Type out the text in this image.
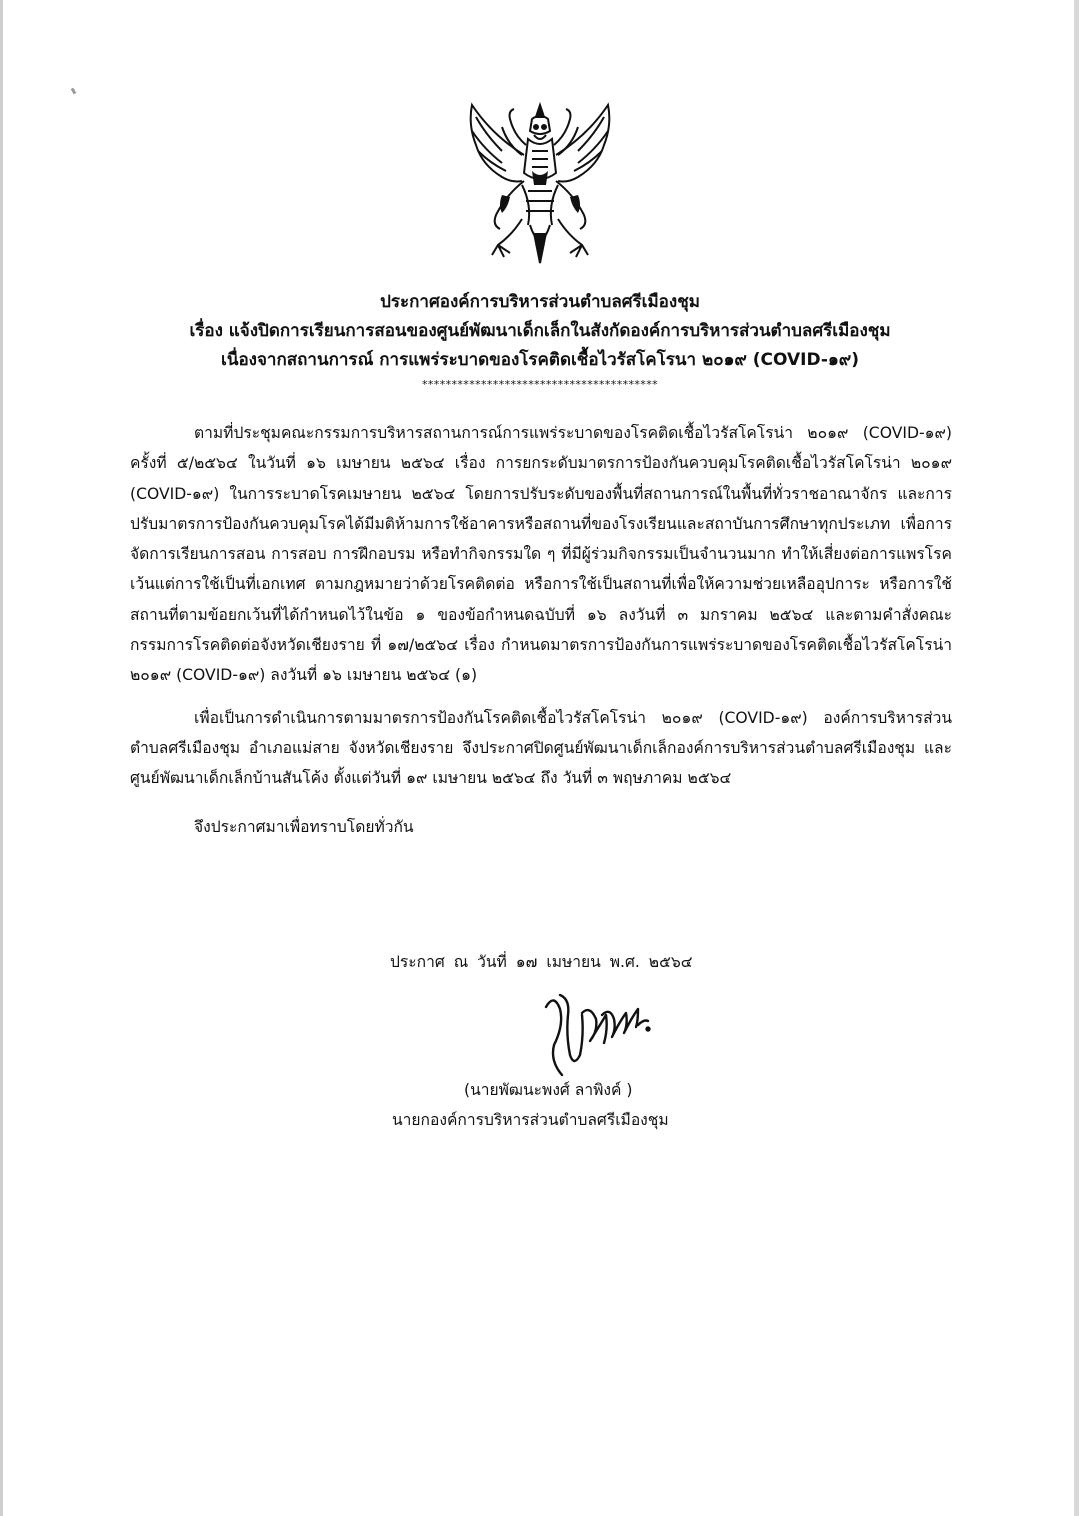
ประกาศองค์การบริหารส่วนตำบลศรีเมืองชุม
เรื่อง แจ้งปิดการเรียนการสอนของศูนย์พัฒนาเด็กเล็กในสังกัดองค์การบริหารส่วนตำบลศรีเมืองชุม
เนื่องจากสถานการณ์ การแพร่ระบาดของโรคติดเชื้อไวรัสโคโรนา ๒๐๑๙ (COVID-๑๙)
****************************************

ตามที่ประชุมคณะกรรมการบริหารสถานการณ์การแพร่ระบาดของโรคติดเชื้อไวรัสโคโรน่า ๒๐๑๙ (COVID-๑๙) ครั้งที่ ๕/๒๕๖๔ ในวันที่ ๑๖ เมษายน ๒๕๖๔ เรื่อง การยกระดับมาตรการป้องกันควบคุมโรคติดเชื้อไวรัสโคโรน่า ๒๐๑๙ (COVID-๑๙) ในการระบาดโรคเมษายน ๒๕๖๔ โดยการปรับระดับของพื้นที่สถานการณ์ในพื้นที่ทั่วราชอาณาจักร และการปรับมาตรการป้องกันควบคุมโรคได้มีมติห้ามการใช้อาคารหรือสถานที่ของโรงเรียนและสถาบันการศึกษาทุกประเภท เพื่อการจัดการเรียนการสอน การสอบ การฝึกอบรม หรือทำกิจกรรมใด ๆ ที่มีผู้ร่วมกิจกรรมเป็นจำนวนมาก ทำให้เสี่ยงต่อการแพรโรค เว้นแต่การใช้เป็นที่เอกเทศ ตามกฎหมายว่าด้วยโรคติดต่อ หรือการใช้เป็นสถานที่เพื่อให้ความช่วยเหลืออุปการะ หรือการใช้สถานที่ตามข้อยกเว้นที่ได้กำหนดไว้ในข้อ ๑ ของข้อกำหนดฉบับที่ ๑๖ ลงวันที่ ๓ มกราคม ๒๕๖๔ และตามคำสั่งคณะกรรมการโรคติดต่อจังหวัดเชียงราย ที่ ๑๗/๒๕๖๔ เรื่อง กำหนดมาตรการป้องกันการแพร่ระบาดของโรคติดเชื้อไวรัสโคโรน่า ๒๐๑๙ (COVID-๑๙) ลงวันที่ ๑๖ เมษายน ๒๕๖๔ (๑)

เพื่อเป็นการดำเนินการตามมาตรการป้องกันโรคติดเชื้อไวรัสโคโรน่า ๒๐๑๙ (COVID-๑๙) องค์การบริหารส่วนตำบลศรีเมืองชุม อำเภอแม่สาย จังหวัดเชียงราย จึงประกาศปิดศูนย์พัฒนาเด็กเล็กองค์การบริหารส่วนตำบลศรีเมืองชุม และศูนย์พัฒนาเด็กเล็กบ้านสันโค้ง ตั้งแต่วันที่ ๑๙ เมษายน ๒๕๖๔ ถึง วันที่ ๓ พฤษภาคม ๒๕๖๔

จึงประกาศมาเพื่อทราบโดยทั่วกัน

ประกาศ ณ วันที่ ๑๗ เมษายน พ.ศ. ๒๕๖๔
(นายพัฒนะพงศ์ ลาพิงค์ )
นายกองค์การบริหารส่วนตำบลศรีเมืองชุม
